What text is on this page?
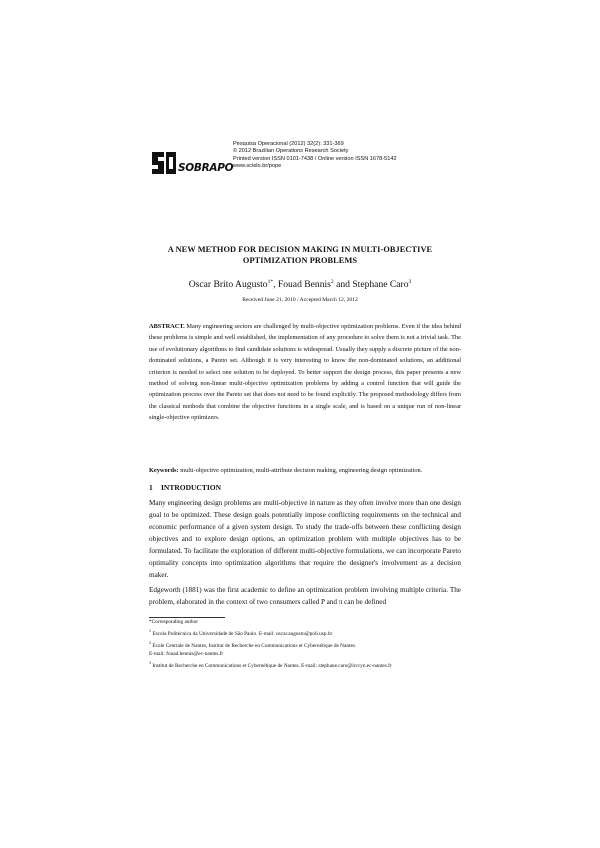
SOBRAPO
Pesquisa Operacional (2012) 32(2): 331-369
© 2012 Brazilian Operations Research Society
Printed version ISSN 0101-7438 / Online version ISSN 1678-5142
www.scielo.br/pope
A NEW METHOD FOR DECISION MAKING IN MULTI-OBJECTIVE
OPTIMIZATION PROBLEMS
Oscar Brito Augusto$^{1*}$, Fouad Bennis$^2$ and Stephane Caro$^3$
Received June 21, 2010 / Accepted March 12, 2012
ABSTRACT. Many engineering sectors are challenged by multi-objective optimization problems. Even if the idea behind these problems is simple and well established, the implementation of any procedure to solve them is not a trivial task. The use of evolutionary algorithms to find candidate solutions is widespread. Usually they supply a discrete picture of the non-dominated solutions, a Pareto set. Although it is very interesting to know the non-dominated solutions, an additional criterion is needed to select one solution to be deployed. To better support the design process, this paper presents a new method of solving non-linear multi-objective optimization problems by adding a control function that will guide the optimization process over the Pareto set that does not need to be found explicitly. The proposed methodology differs from the classical methods that combine the objective functions in a single scale, and is based on a unique run of non-linear single-objective optimizers.
Keywords: multi-objective optimization, multi-attribute decision making, engineering design optimization.
1 INTRODUCTION

Many engineering design problems are multi-objective in nature as they often involve more than one design goal to be optimized. These design goals potentially impose conflicting requirements on the technical and economic performance of a given system design. To study the trade-offs between these conflicting design objectives and to explore design options, an optimization problem with multiple objectives has to be formulated. To facilitate the exploration of different multi-objective formulations, we can incorporate Pareto optimality concepts into optimization algorithms that require the designer's involvement as a decision maker.

Edgeworth (1881) was the first academic to define an optimization problem involving multiple criteria. The problem, elaborated in the context of two consumers called P and π can be defined

*Corresponding author
$^1$ Escola Politécnica da Universidade de São Paulo. E-mail: oscar.augusto@poli.usp.br
$^2$ École Centrale de Nantes, Institut de Recherche en Communications et Cybernétique de Nantes.
E-mail: fouad.bennis@ec-nantes.fr
$^3$ Institut de Recherche en Communications et Cybernétique de Nantes. E-mail: stephane.caro@irccyn.ec-nantes.fr
